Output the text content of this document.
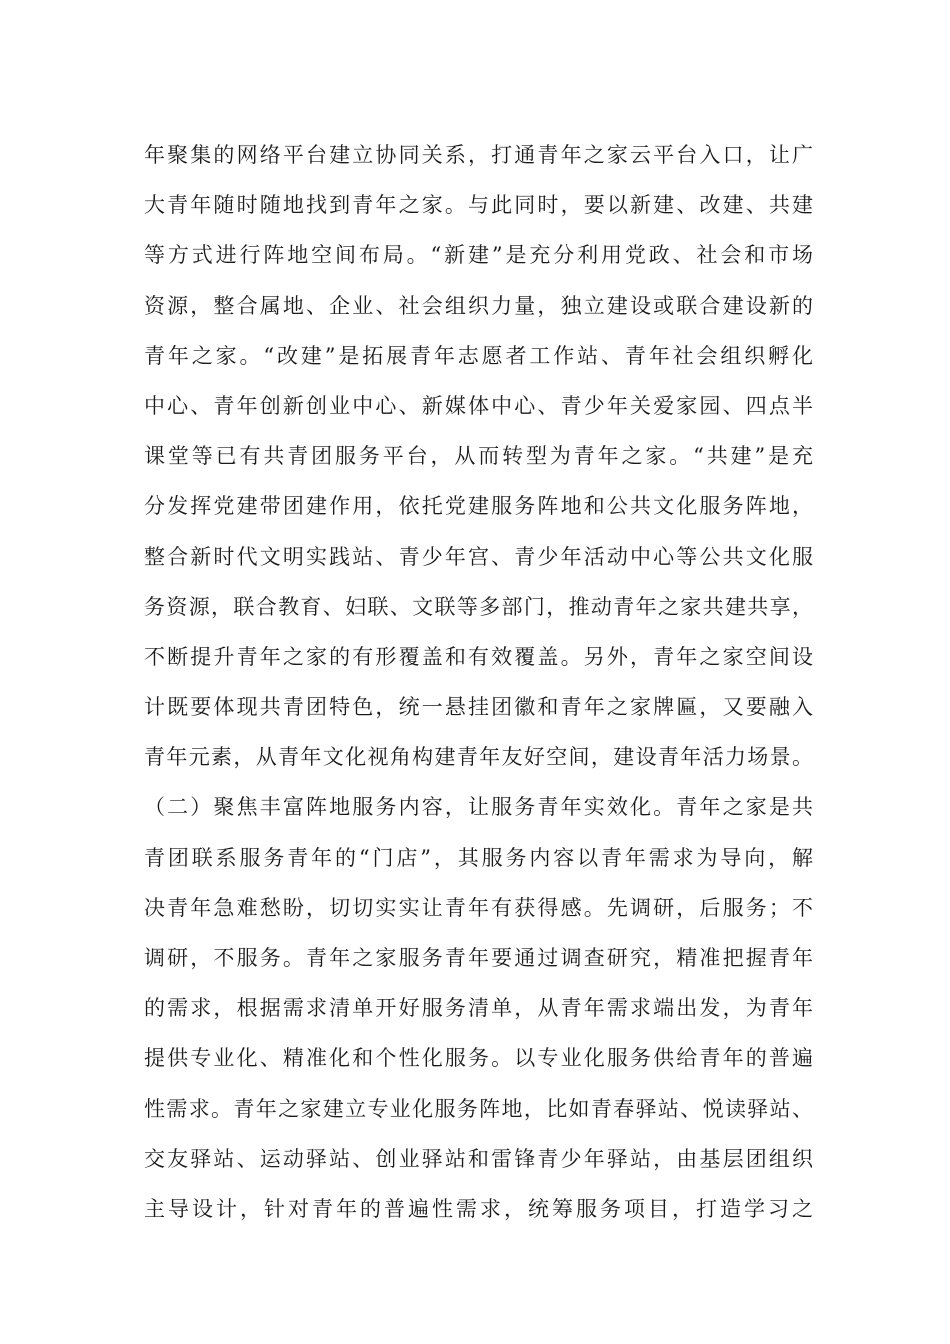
年聚集的网络平台建立协同关系，打通青年之家云平台入口，让广
大青年随时随地找到青年之家。与此同时，要以新建、改建、共建
等方式进行阵地空间布局。“新建”是充分利用党政、社会和市场
资源，整合属地、企业、社会组织力量，独立建设或联合建设新的
青年之家。“改建”是拓展青年志愿者工作站、青年社会组织孵化
中心、青年创新创业中心、新媒体中心、青少年关爱家园、四点半
课堂等已有共青团服务平台，从而转型为青年之家。“共建”是充
分发挥党建带团建作用，依托党建服务阵地和公共文化服务阵地，
整合新时代文明实践站、青少年宫、青少年活动中心等公共文化服
务资源，联合教育、妇联、文联等多部门，推动青年之家共建共享，
不断提升青年之家的有形覆盖和有效覆盖。另外，青年之家空间设
计既要体现共青团特色，统一悬挂团徽和青年之家牌匾，又要融入
青年元素，从青年文化视角构建青年友好空间，建设青年活力场景。
（二）聚焦丰富阵地服务内容，让服务青年实效化。青年之家是共
青团联系服务青年的“门店”，其服务内容以青年需求为导向，解
决青年急难愁盼，切切实实让青年有获得感。先调研，后服务；不
调研，不服务。青年之家服务青年要通过调查研究，精准把握青年
的需求，根据需求清单开好服务清单，从青年需求端出发，为青年
提供专业化、精准化和个性化服务。以专业化服务供给青年的普遍
性需求。青年之家建立专业化服务阵地，比如青春驿站、悦读驿站、
交友驿站、运动驿站、创业驿站和雷锋青少年驿站，由基层团组织
主导设计，针对青年的普遍性需求，统筹服务项目，打造学习之
